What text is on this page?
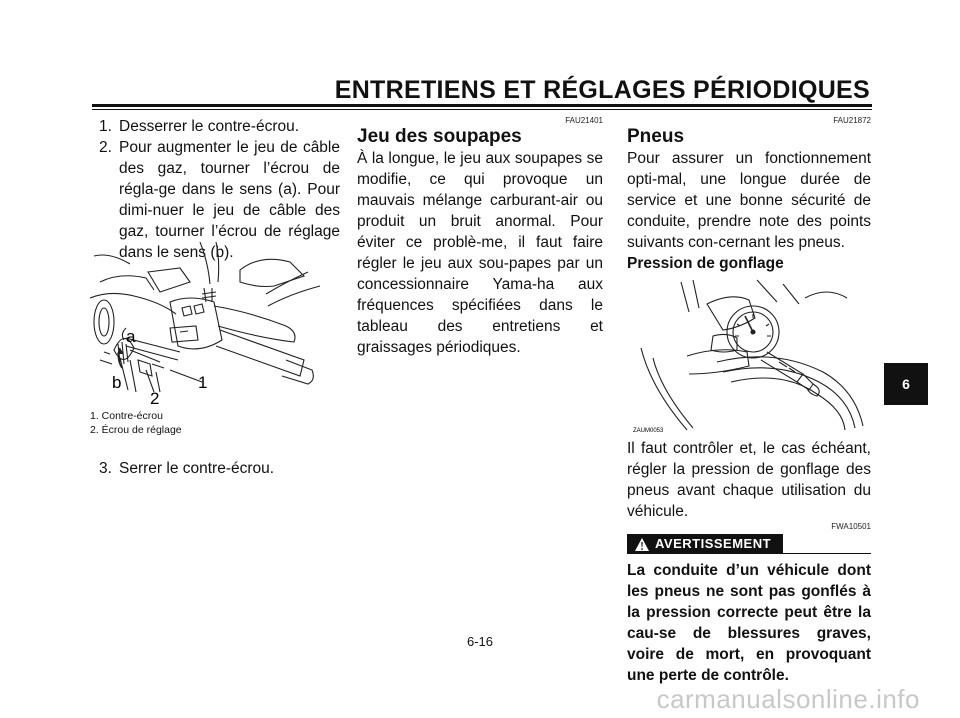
ENTRETIENS ET RÉGLAGES PÉRIODIQUES
1. Desserrer le contre-écrou.
2. Pour augmenter le jeu de câble des gaz, tourner l’écrou de régla-ge dans le sens (a). Pour dimi-nuer le jeu de câble des gaz, tourner l’écrou de réglage dans le sens (b).
a
b	1
2
1. Contre-écrou
2. Écrou de réglage
3. Serrer le contre-écrou.
FAU21401
Jeu des soupapes

À la longue, le jeu aux soupapes se modifie, ce qui provoque un mauvais mélange carburant-air ou produit un bruit anormal. Pour éviter ce problè-me, il faut faire régler le jeu aux sou-papes par un concessionnaire Yama-ha aux fréquences spécifiées dans le tableau des entretiens et graissages périodiques.

FAU21872
Pneus

Pour assurer un fonctionnement opti-mal, une longue durée de service et une bonne sécurité de conduite, prendre note des points suivants con-cernant les pneus.

Pression de gonflage
ZAUM0053

Il faut contrôler et, le cas échéant, régler la pression de gonflage des pneus avant chaque utilisation du véhicule.

FWA10501
AVERTISSEMENT

La conduite d’un véhicule dont les pneus ne sont pas gonflés à la pression correcte peut être la cau-se de blessures graves, voire de mort, en provoquant une perte de contrôle.

6
6-16
carmanualsonline.info
